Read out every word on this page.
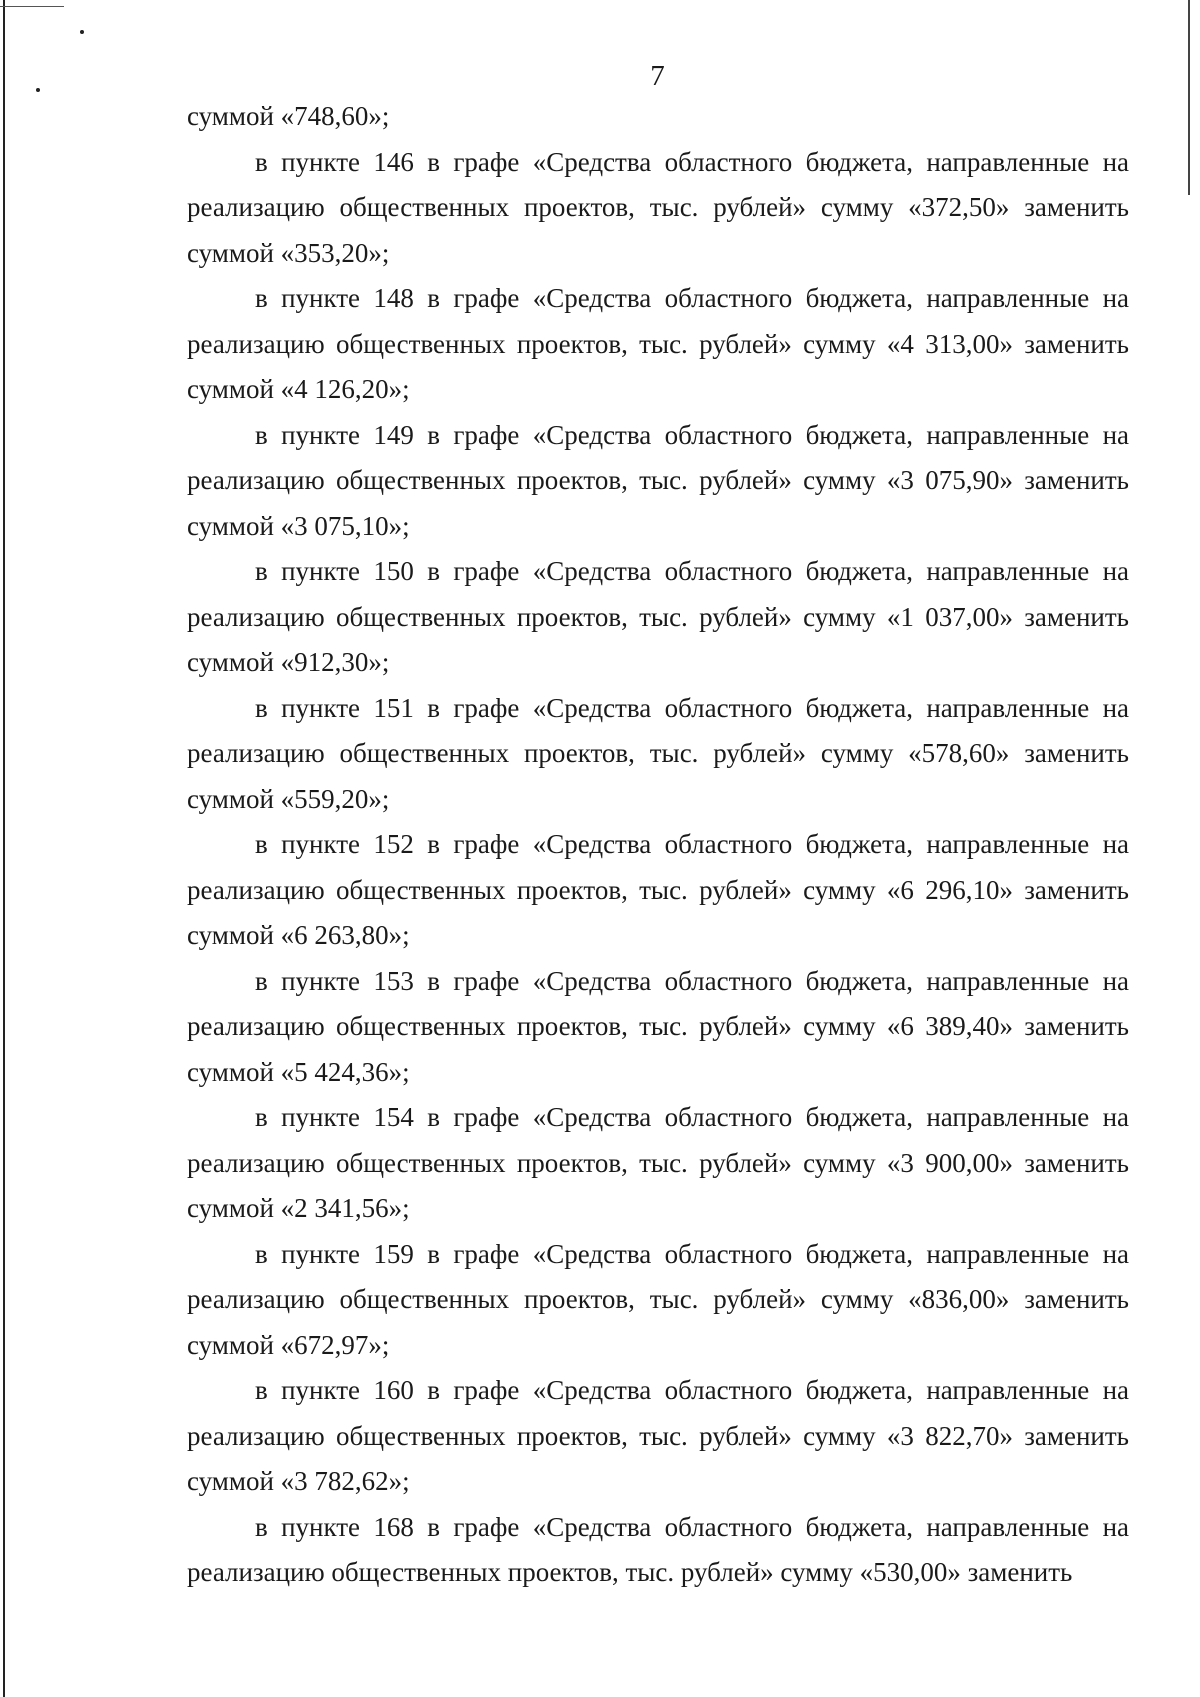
7

суммой «748,60»;

в пункте 146 в графе «Средства областного бюджета, направленные на реализацию общественных проектов, тыс. рублей» сумму «372,50» заменить суммой «353,20»;

в пункте 148 в графе «Средства областного бюджета, направленные на реализацию общественных проектов, тыс. рублей» сумму «4 313,00» заменить суммой «4 126,20»;

в пункте 149 в графе «Средства областного бюджета, направленные на реализацию общественных проектов, тыс. рублей» сумму «3 075,90» заменить суммой «3 075,10»;

в пункте 150 в графе «Средства областного бюджета, направленные на реализацию общественных проектов, тыс. рублей» сумму «1 037,00» заменить суммой «912,30»;

в пункте 151 в графе «Средства областного бюджета, направленные на реализацию общественных проектов, тыс. рублей» сумму «578,60» заменить суммой «559,20»;

в пункте 152 в графе «Средства областного бюджета, направленные на реализацию общественных проектов, тыс. рублей» сумму «6 296,10» заменить суммой «6 263,80»;

в пункте 153 в графе «Средства областного бюджета, направленные на реализацию общественных проектов, тыс. рублей» сумму «6 389,40» заменить суммой «5 424,36»;

в пункте 154 в графе «Средства областного бюджета, направленные на реализацию общественных проектов, тыс. рублей» сумму «3 900,00» заменить суммой «2 341,56»;

в пункте 159 в графе «Средства областного бюджета, направленные на реализацию общественных проектов, тыс. рублей» сумму «836,00» заменить суммой «672,97»;

в пункте 160 в графе «Средства областного бюджета, направленные на реализацию общественных проектов, тыс. рублей» сумму «3 822,70» заменить суммой «3 782,62»;

в пункте 168 в графе «Средства областного бюджета, направленные на реализацию общественных проектов, тыс. рублей» сумму «530,00» заменить
